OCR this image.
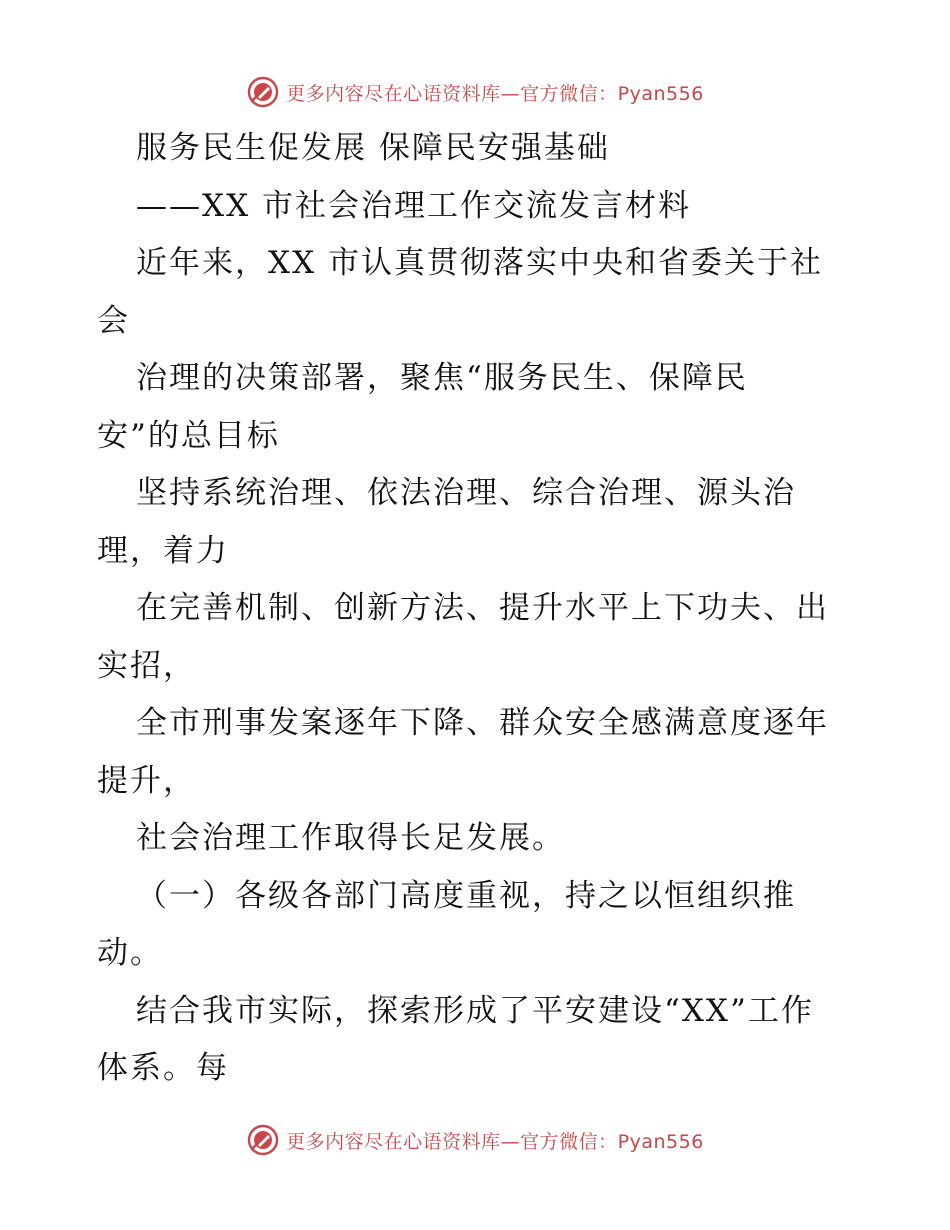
更多内容尽在心语资料库—官方微信：Pyan556
服务民生促发展 保障民安强基础
——XX 市社会治理工作交流发言材料
近年来，XX 市认真贯彻落实中央和省委关于社
会
治理的决策部署，聚焦“服务民生、保障民
安”的总目标
坚持系统治理、依法治理、综合治理、源头治
理，着力
在完善机制、创新方法、提升水平上下功夫、出
实招，
全市刑事发案逐年下降、群众安全感满意度逐年
提升，
社会治理工作取得长足发展。
（一）各级各部门高度重视，持之以恒组织推
动。
结合我市实际，探索形成了平安建设“XX”工作
体系。每
更多内容尽在心语资料库—官方微信：Pyan556
